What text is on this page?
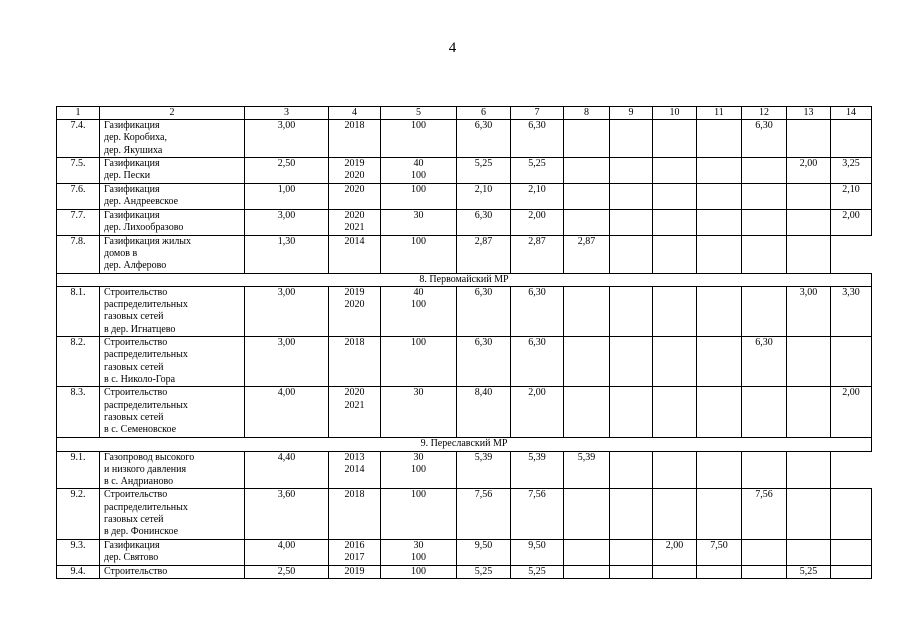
4
1	2	3	4	5	6	7	8	9	10	11	12	13	14
7.4.	Газификация
дер. Коробиха,
дер. Якушиха	3,00	2018	100	6,30	6,30					6,30		
7.5.	Газификация
дер. Пески	2,50	2019
2020	40
100	5,25	5,25						2,00	3,25
7.6.	Газификация
дер. Андреевское	1,00	2020	100	2,10	2,10							2,10
7.7.	Газификация
дер. Лихообразово	3,00	2020
2021	30	6,30	2,00							2,00
7.8.	Газификация жилых
домов в
дер. Алферово	1,30	2014	100	2,87	2,87	2,87						
8. Первомайский МР													
8.1.	Строительство
распределительных
газовых сетей
в дер. Игнатцево	3,00	2019
2020	40
100	6,30	6,30						3,00	3,30
8.2.	Строительство
распределительных
газовых сетей
в с. Николо-Гора	3,00	2018	100	6,30	6,30					6,30		
8.3.	Строительство
распределительных
газовых сетей
в с. Семеновское	4,00	2020
2021	30	8,40	2,00							2,00
9. Переславский МР													
9.1.	Газопровод высокого
и низкого давления
в с. Андрианово	4,40	2013
2014	30
100	5,39	5,39	5,39						
9.2.	Строительство
распределительных
газовых сетей
в дер. Фонинское	3,60	2018	100	7,56	7,56					7,56		
9.3.	Газификация
дер. Святово	4,00	2016
2017	30
100	9,50	9,50			2,00	7,50			
9.4.	Строительство	2,50	2019	100	5,25	5,25						5,25	
